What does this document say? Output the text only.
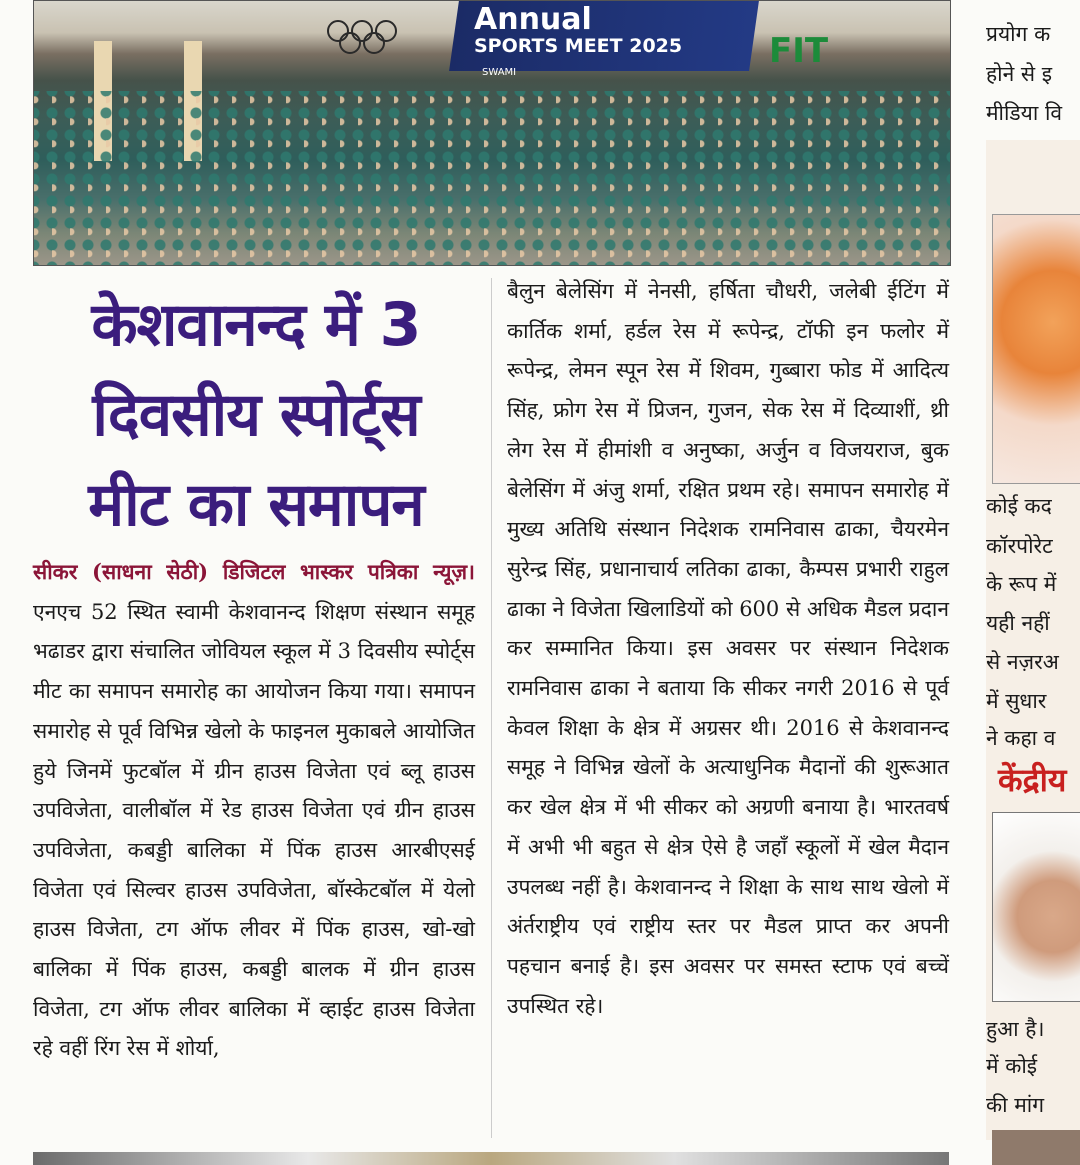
Annual
SPORTS MEET 2025
SWAMI
FIT
केशवानन्द में 3
दिवसीय स्पोर्ट्स
मीट का समापन

सीकर (साधना सेठी) डिजिटल भास्कर पत्रिका न्यूज़। एनएच 52 स्थित स्वामी केशवानन्द शिक्षण संस्थान समूह भढाडर द्वारा संचालित जोवियल स्कूल में 3 दिवसीय स्पोर्ट्स मीट का समापन समारोह का आयोजन किया गया। समापन समारोह से पूर्व विभिन्न खेलो के फाइनल मुकाबले आयोजित हुये जिनमें फुटबॉल में ग्रीन हाउस विजेता एवं ब्लू हाउस उपविजेता, वालीबॉल में रेड हाउस विजेता एवं ग्रीन हाउस उपविजेता, कबड्डी बालिका में पिंक हाउस आरबीएसई विजेता एवं सिल्वर हाउस उपविजेता, बॉस्केटबॉल में येलो हाउस विजेता, टग ऑफ लीवर में पिंक हाउस, खो-खो बालिका में पिंक हाउस, कबड्डी बालक में ग्रीन हाउस विजेता, टग ऑफ लीवर बालिका में व्हाईट हाउस विजेता रहे वहीं रिंग रेस में शोर्या,

बैलुन बेलेसिंग में नेनसी, हर्षिता चौधरी, जलेबी ईटिंग में कार्तिक शर्मा, हर्डल रेस में रूपेन्द्र, टॉफी इन फलोर में रूपेन्द्र, लेमन स्पून रेस में शिवम, गुब्बारा फोड में आदित्य सिंह, फ्रोग रेस में प्रिजन, गुजन, सेक रेस में दिव्याशीं, थ्री लेग रेस में हीमांशी व अनुष्का, अर्जुन व विजयराज, बुक बेलेसिंग में अंजु शर्मा, रक्षित प्रथम रहे। समापन समारोह में मुख्य अतिथि संस्थान निदेशक रामनिवास ढाका, चैयरमेन सुरेन्द्र सिंह, प्रधानाचार्य लतिका ढाका, कैम्पस प्रभारी राहुल ढाका ने विजेता खिलाडियों को 600 से अधिक मैडल प्रदान कर सम्मानित किया। इस अवसर पर संस्थान निदेशक रामनिवास ढाका ने बताया कि सीकर नगरी 2016 से पूर्व केवल शिक्षा के क्षेत्र में अग्रसर थी। 2016 से केशवानन्द समूह ने विभिन्न खेलों के अत्याधुनिक मैदानों की शुरूआत कर खेल क्षेत्र में भी सीकर को अग्रणी बनाया है। भारतवर्ष में अभी भी बहुत से क्षेत्र ऐसे है जहॉं स्कूलों में खेल मैदान उपलब्ध नहीं है। केशवानन्द ने शिक्षा के साथ साथ खेलो में अंर्तराष्ट्रीय एवं राष्ट्रीय स्तर पर मैडल प्राप्त कर अपनी पहचान बनाई है। इस अवसर पर समस्त स्टाफ एवं बच्चें उपस्थित रहे।

प्रयोग क
होने से इ
मीडिया वि
कोई कद
कॉरपोरेट
के रूप में
यही नहीं
से नज़रअ
में सुधार
ने कहा व
केंद्रीय
हुआ है।
में कोई
की मांग
